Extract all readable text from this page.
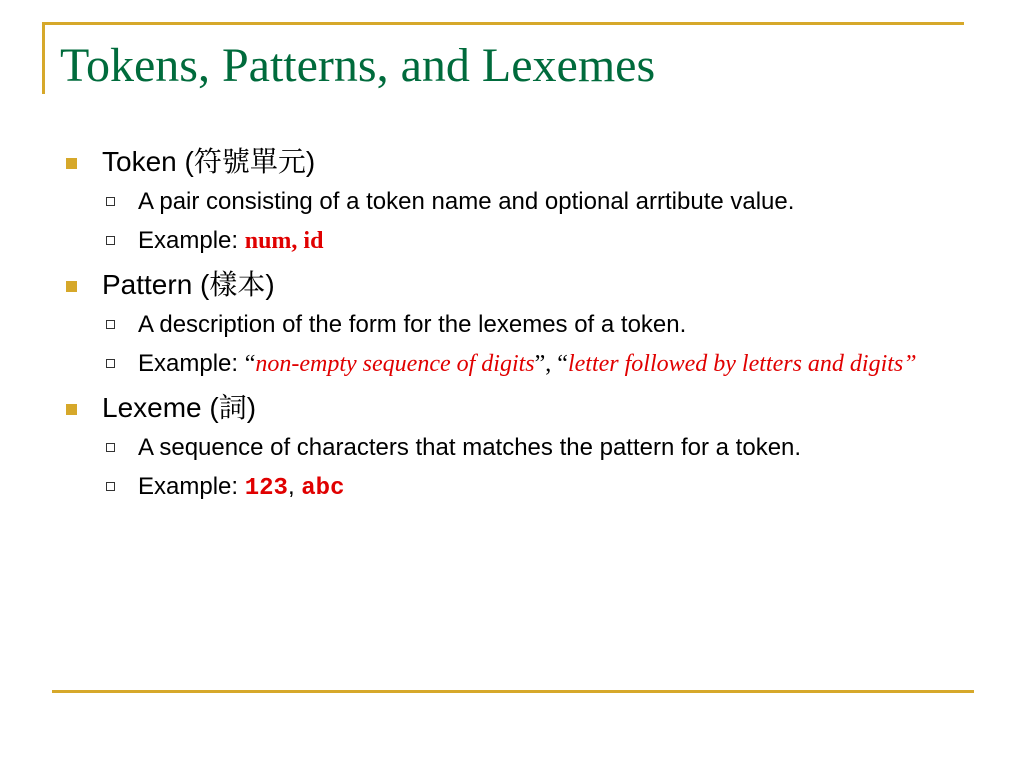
Tokens, Patterns, and Lexemes
Token (符號單元)
A pair consisting of a token name and optional arrtibute value.
Example: num, id
Pattern (樣本)
A description of the form for the lexemes of a token.
Example: “non-empty sequence of digits”, “letter followed by letters and digits”
Lexeme (詞)
A sequence of characters that matches the pattern for a token.
Example: 123, abc
